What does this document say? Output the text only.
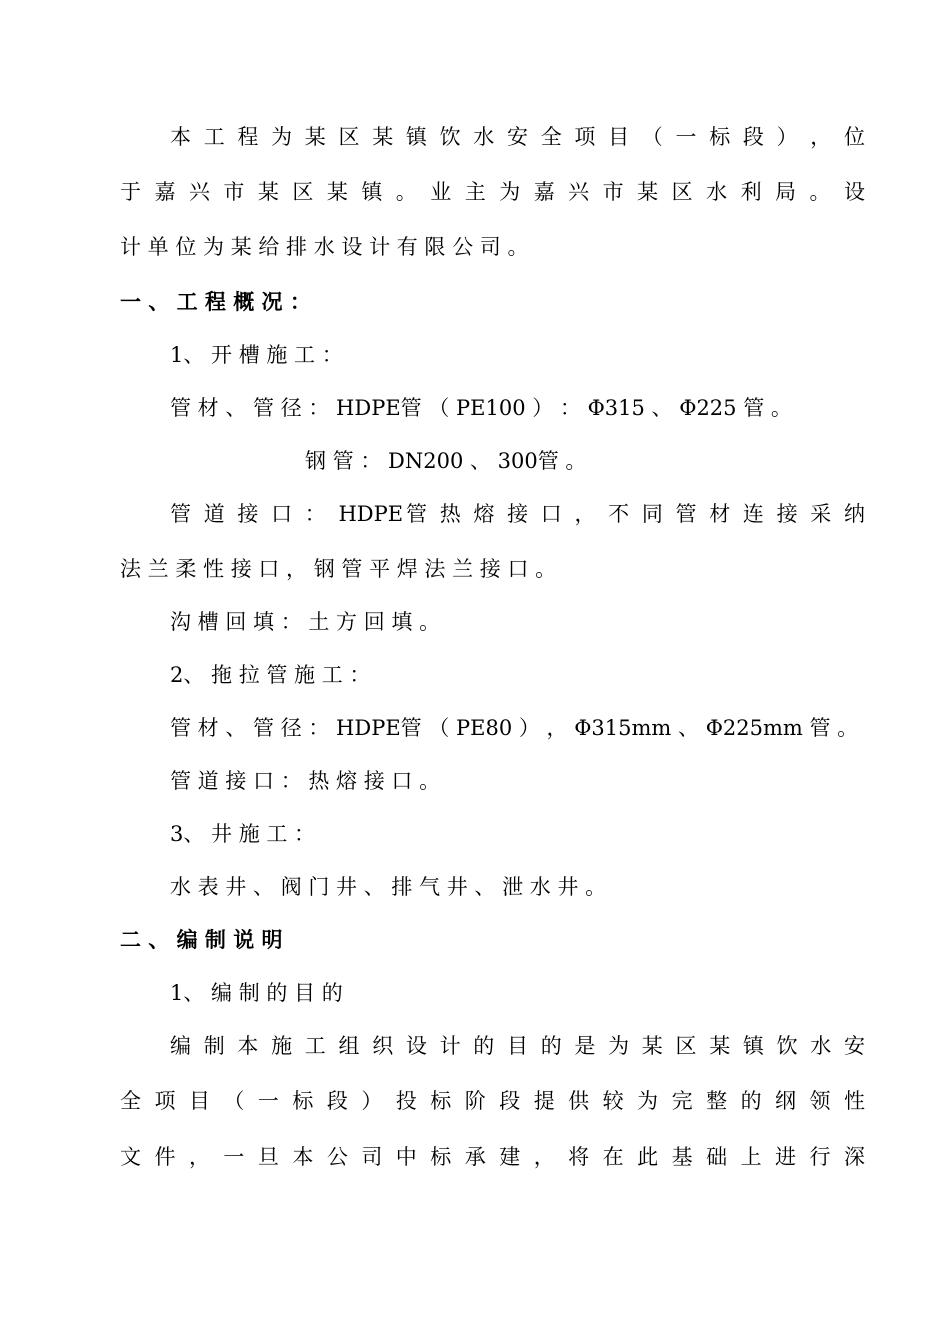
本 工 程 为 某 区 某 镇 饮 水 安 全 项 目 （ 一 标 段 ） ， 位
于 嘉 兴 市 某 区 某 镇 。 业 主 为 嘉 兴 市 某 区 水 利 局 。 设
计 单 位 为 某 给 排 水 设 计 有 限 公 司 。
一 、 工 程 概 况 ：
1、 开 槽 施 工 ：
管 材 、 管 径 ： HDPE管 （ PE100 ） ： Φ315 、 Φ225 管 。
钢 管 ： DN200 、 300管 。
管 道 接 口 ： HDPE管 热 熔 接 口 ， 不 同 管 材 连 接 采 纳
法 兰 柔 性 接 口 ， 钢 管 平 焊 法 兰 接 口 。
沟 槽 回 填 ： 土 方 回 填 。
2、 拖 拉 管 施 工 ：
管 材 、 管 径 ： HDPE管 （ PE80 ） ， Φ315mm 、 Φ225mm 管 。
管 道 接 口 ： 热 熔 接 口 。
3、 井 施 工 ：
水 表 井 、 阀 门 井 、 排 气 井 、 泄 水 井 。
二 、 编 制 说 明
1、 编 制 的 目 的
编 制 本 施 工 组 织 设 计 的 目 的 是 为 某 区 某 镇 饮 水 安
全 项 目 （ 一 标 段 ） 投 标 阶 段 提 供 较 为 完 整 的 纲 领 性
文 件 ， 一 旦 本 公 司 中 标 承 建 ， 将 在 此 基 础 上 进 行 深
